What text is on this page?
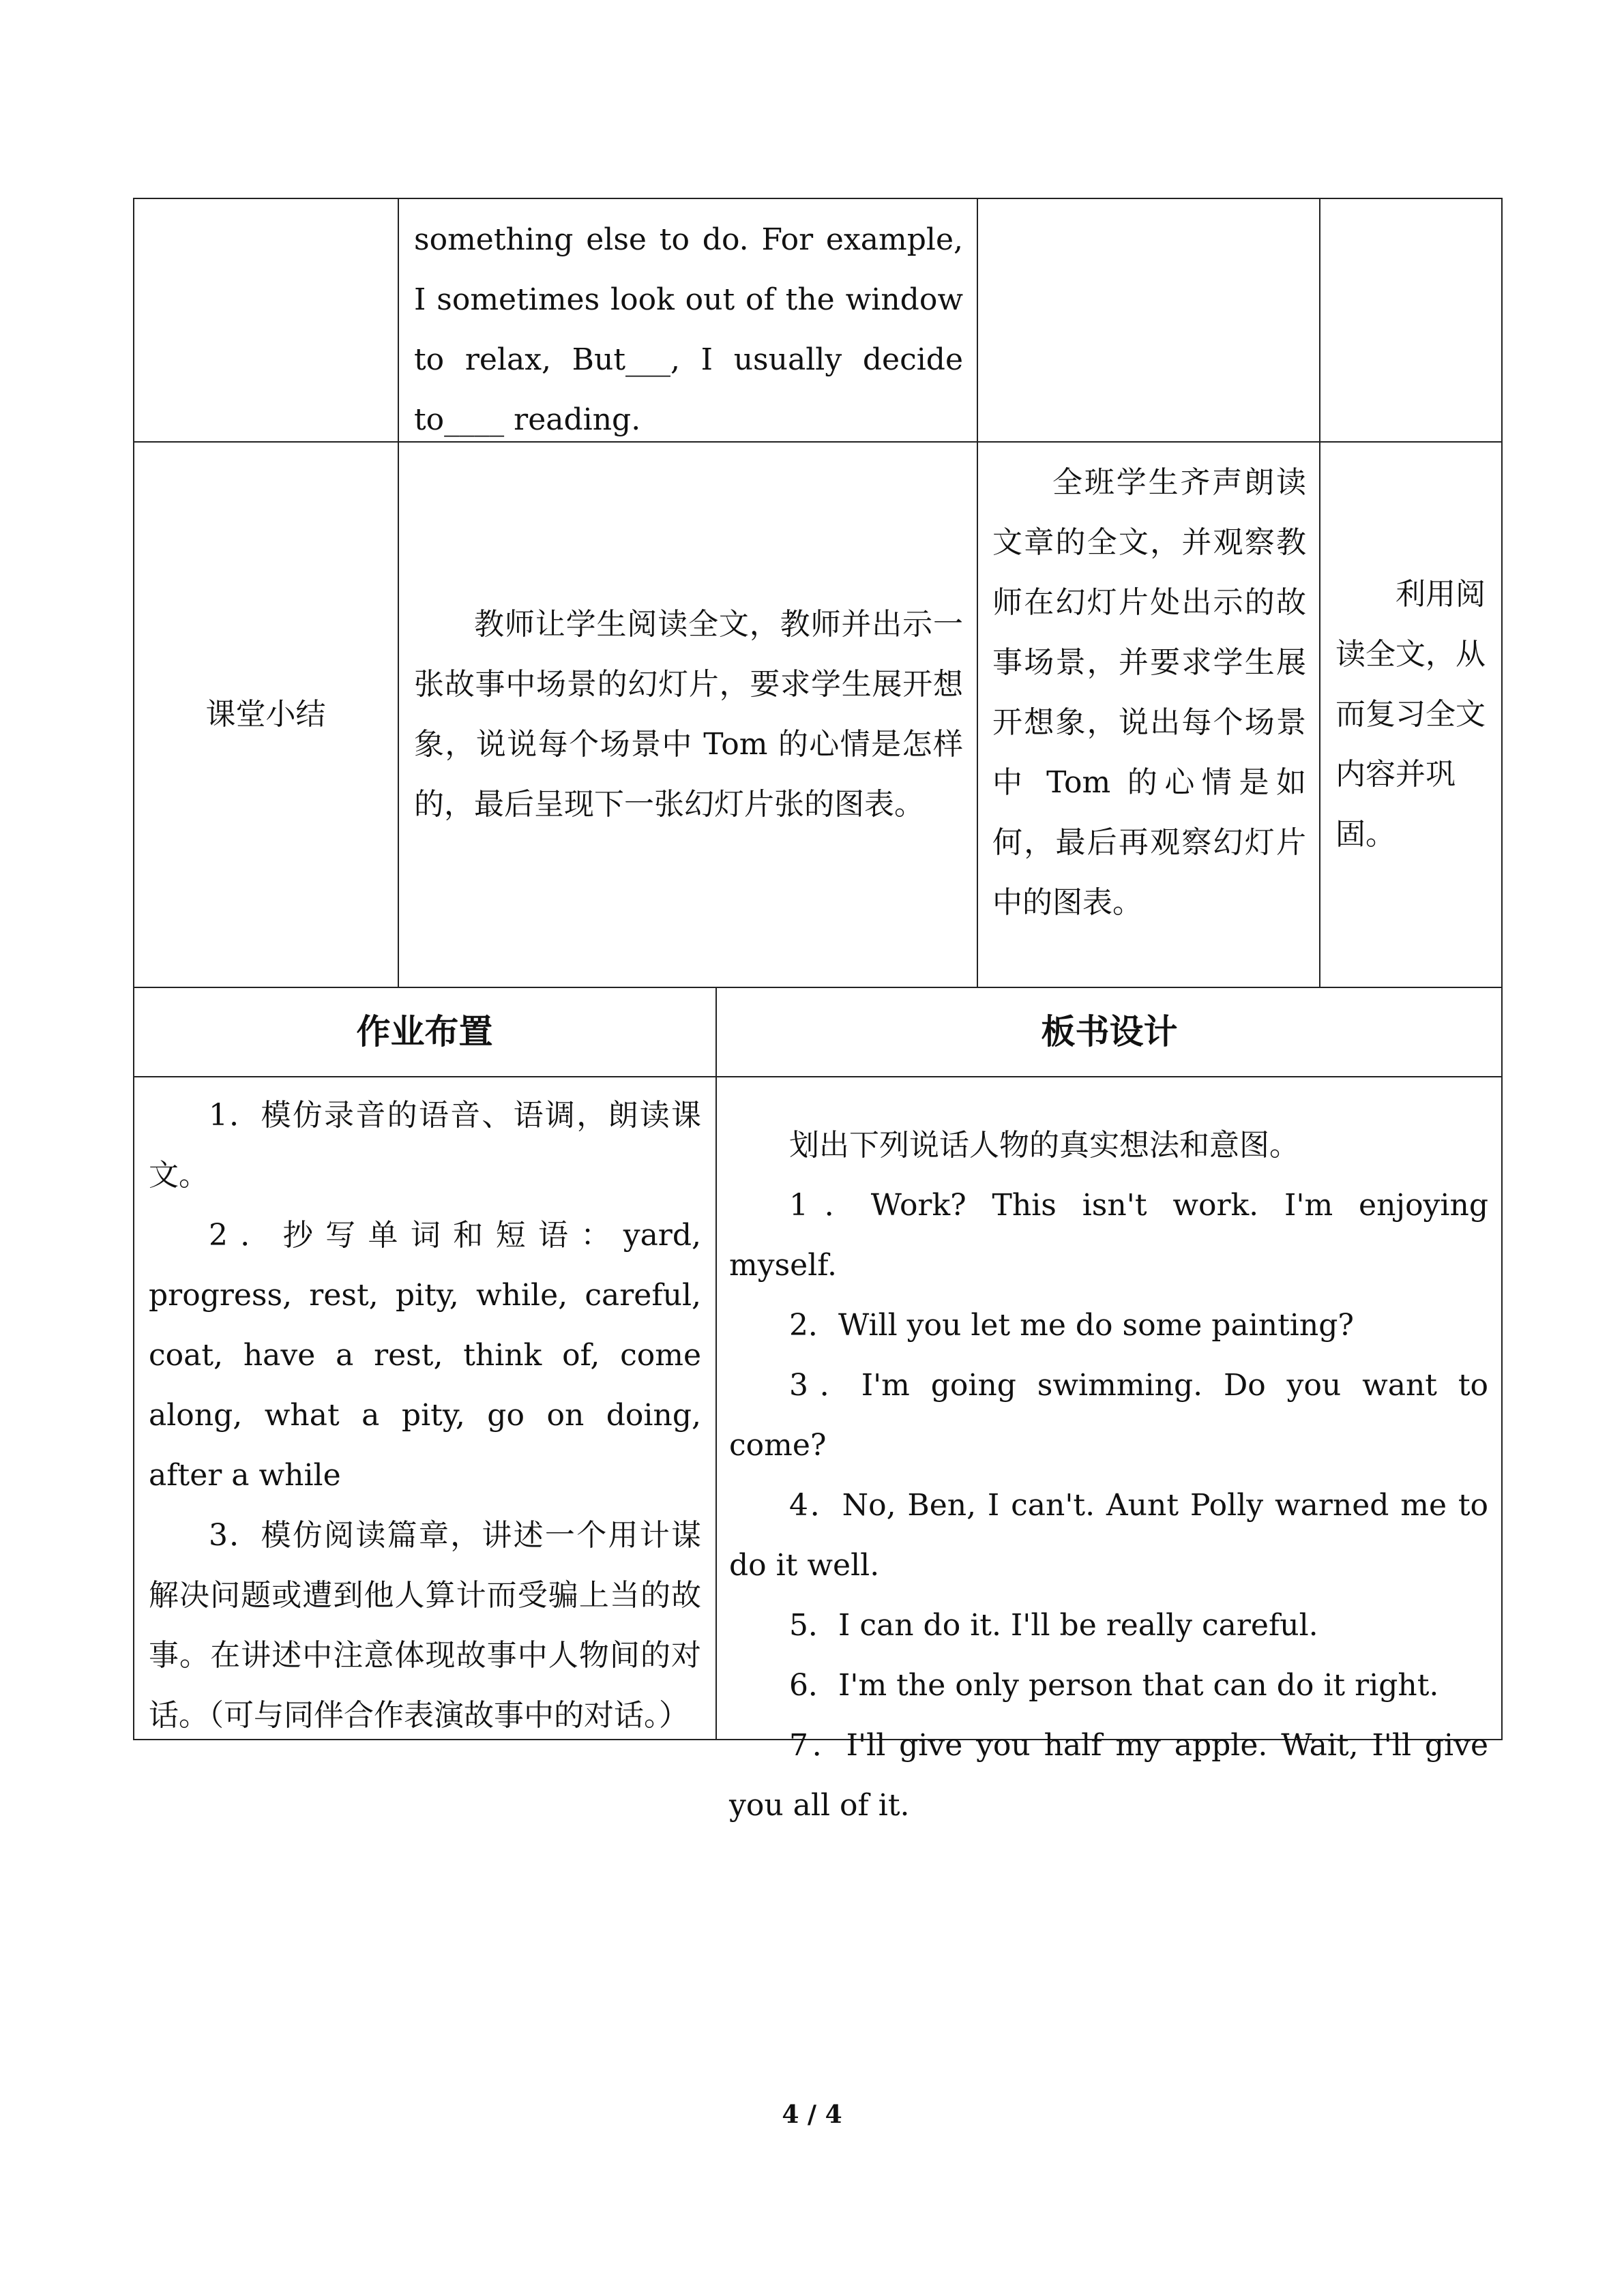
something else to do. For example, I sometimes look out of the window to relax, But___, I usually decide to____ reading.

课堂小结

教师让学生阅读全文，教师并出示一张故事中场景的幻灯片，要求学生展开想象，说说每个场景中 Tom 的心情是怎样的，最后呈现下一张幻灯片张的图表。

全班学生齐声朗读文章的全文，并观察教师在幻灯片处出示的故事场景，并要求学生展开想象，说出每个场景中 Tom 的心情是如何，最后再观察幻灯片中的图表。

利用阅读全文，从而复习全文内容并巩固。

作业布置	板书设计

1．模仿录音的语音、语调，朗读课文。

2．抄写单词和短语：yard, progress, rest, pity, while, careful, coat, have a rest, think of, come along, what a pity, go on doing, after a while

3．模仿阅读篇章，讲述一个用计谋解决问题或遭到他人算计而受骗上当的故事。在讲述中注意体现故事中人物间的对话。（可与同伴合作表演故事中的对话。）

划出下列说话人物的真实想法和意图。

1．Work? This isn't work. I'm enjoying myself.

2．Will you let me do some painting?

3．I'm going swimming. Do you want to come?

4．No, Ben, I can't. Aunt Polly warned me to do it well.

5．I can do it. I'll be really careful.

6．I'm the only person that can do it right.

7．I'll give you half my apple. Wait, I'll give you all of it.

4 / 4
